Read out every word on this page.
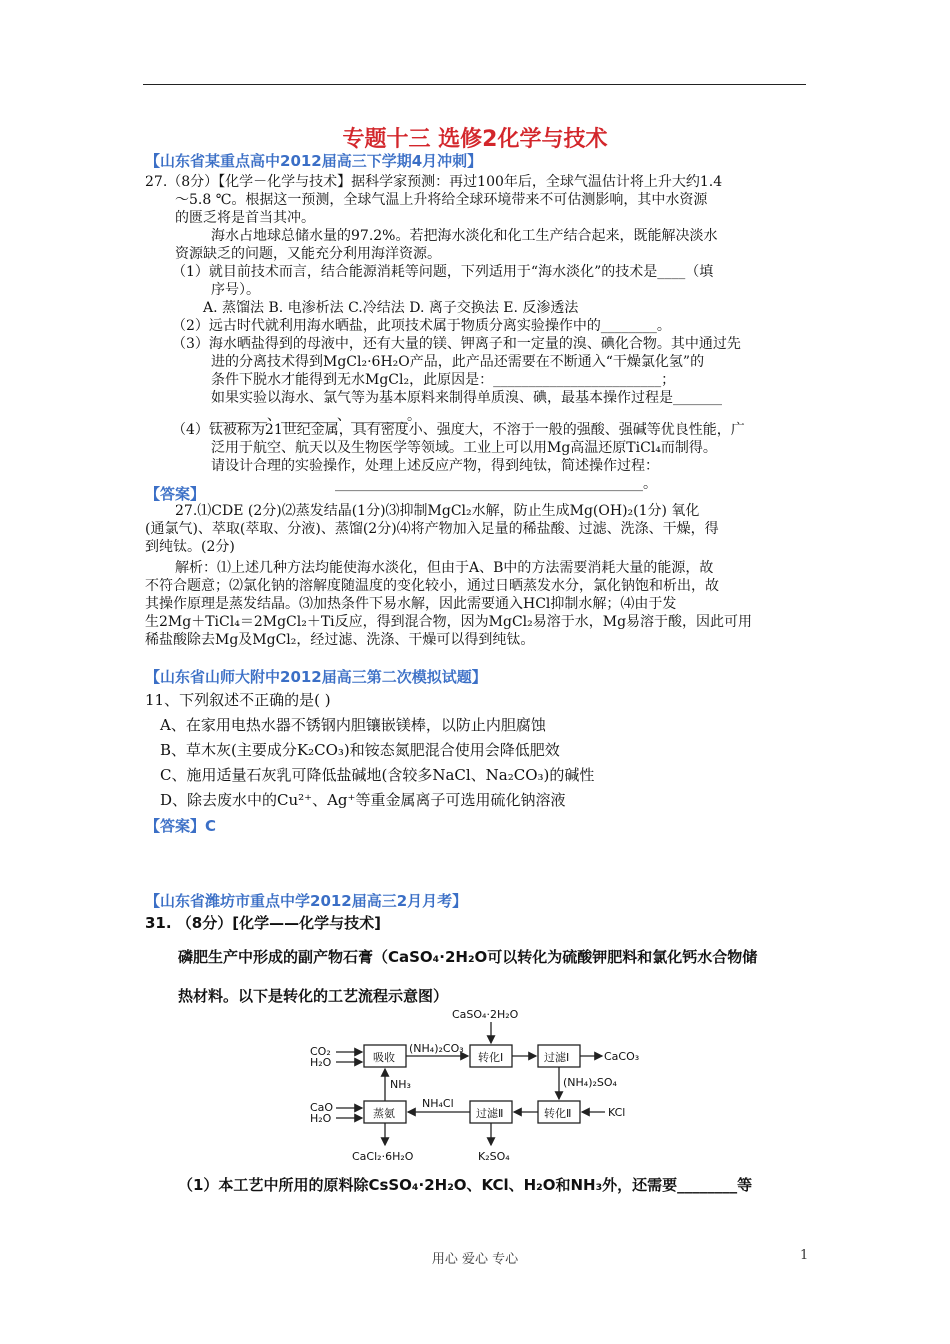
专题十三 选修2化学与技术
【山东省某重点高中2012届高三下学期4月冲刺】
27.（8分）【化学－化学与技术】据科学家预测：再过100年后，全球气温估计将上升大约1.4
～5.8 ℃。根据这一预测，全球气温上升将给全球环境带来不可估测影响，其中水资源
的匮乏将是首当其冲。
海水占地球总储水量的97.2%。若把海水淡化和化工生产结合起来，既能解决淡水
资源缺乏的问题，又能充分利用海洋资源。
（1）就目前技术而言，结合能源消耗等问题，下列适用于“海水淡化”的技术是____（填
序号）。
A. 蒸馏法 B. 电渗析法 C.冷结法 D. 离子交换法 E. 反渗透法
（2）远古时代就利用海水晒盐，此项技术属于物质分离实验操作中的________。
（3）海水晒盐得到的母液中，还有大量的镁、钾离子和一定量的溴、碘化合物。其中通过先
进的分离技术得到MgCl₂·6H₂O产品，此产品还需要在不断通入“干燥氯化氢”的
条件下脱水才能得到无水MgCl₂，此原因是：________________________；
如果实验以海水、氯气等为基本原料来制得单质溴、碘，最基本操作过程是_______
________、________、________。
（4）钛被称为21世纪金属，具有密度小、强度大，不溶于一般的强酸、强碱等优良性能，广
泛用于航空、航天以及生物医学等领域。工业上可以用Mg高温还原TiCl₄而制得。
请设计合理的实验操作，处理上述反应产物，得到纯钛，简述操作过程：
____________________________________________。
【答案】
27.⑴CDE (2分)⑵蒸发结晶(1分)⑶抑制MgCl₂水解，防止生成Mg(OH)₂(1分) 氧化
(通氯气)、萃取(萃取、分液)、蒸馏(2分)⑷将产物加入足量的稀盐酸、过滤、洗涤、干燥，得
到纯钛。(2分)
解析：⑴上述几种方法均能使海水淡化，但由于A、B中的方法需要消耗大量的能源，故
不符合题意；⑵氯化钠的溶解度随温度的变化较小，通过日晒蒸发水分，氯化钠饱和析出，故
其操作原理是蒸发结晶。⑶加热条件下易水解，因此需要通入HCl抑制水解；⑷由于发
生2Mg＋TiCl₄＝2MgCl₂＋Ti反应，得到混合物，因为MgCl₂易溶于水，Mg易溶于酸，因此可用
稀盐酸除去Mg及MgCl₂，经过滤、洗涤、干燥可以得到纯钛。
【山东省山师大附中2012届高三第二次模拟试题】
11、下列叙述不正确的是( )
A、在家用电热水器不锈钢内胆镶嵌镁棒，以防止内胆腐蚀
B、草木灰(主要成分K₂CO₃)和铵态氮肥混合使用会降低肥效
C、施用适量石灰乳可降低盐碱地(含较多NaCl、Na₂CO₃)的碱性
D、除去废水中的Cu²⁺、Ag⁺等重金属离子可选用硫化钠溶液
【答案】C
【山东省潍坊市重点中学2012届高三2月月考】
31. （8分）[化学——化学与技术]
磷肥生产中形成的副产物石膏（CaSO₄·2H₂O可以转化为硫酸钾肥料和氯化钙水合物储
热材料。以下是转化的工艺流程示意图）
CaSO₄·2H₂O
CO₂
H₂O	吸收
(NH₄)₂CO₃
转化Ⅰ	过滤Ⅰ	CaCO₃
NH₃	(NH₄)₂SO₄
CaO
H₂O	蒸氨
NH₄Cl
过滤Ⅱ	转化Ⅱ	KCl
CaCl₂·6H₂O	K₂SO₄
（1）本工艺中所用的原料除CsSO₄·2H₂O、KCl、H₂O和NH₃外，还需要________等
用心 爱心 专心	1
